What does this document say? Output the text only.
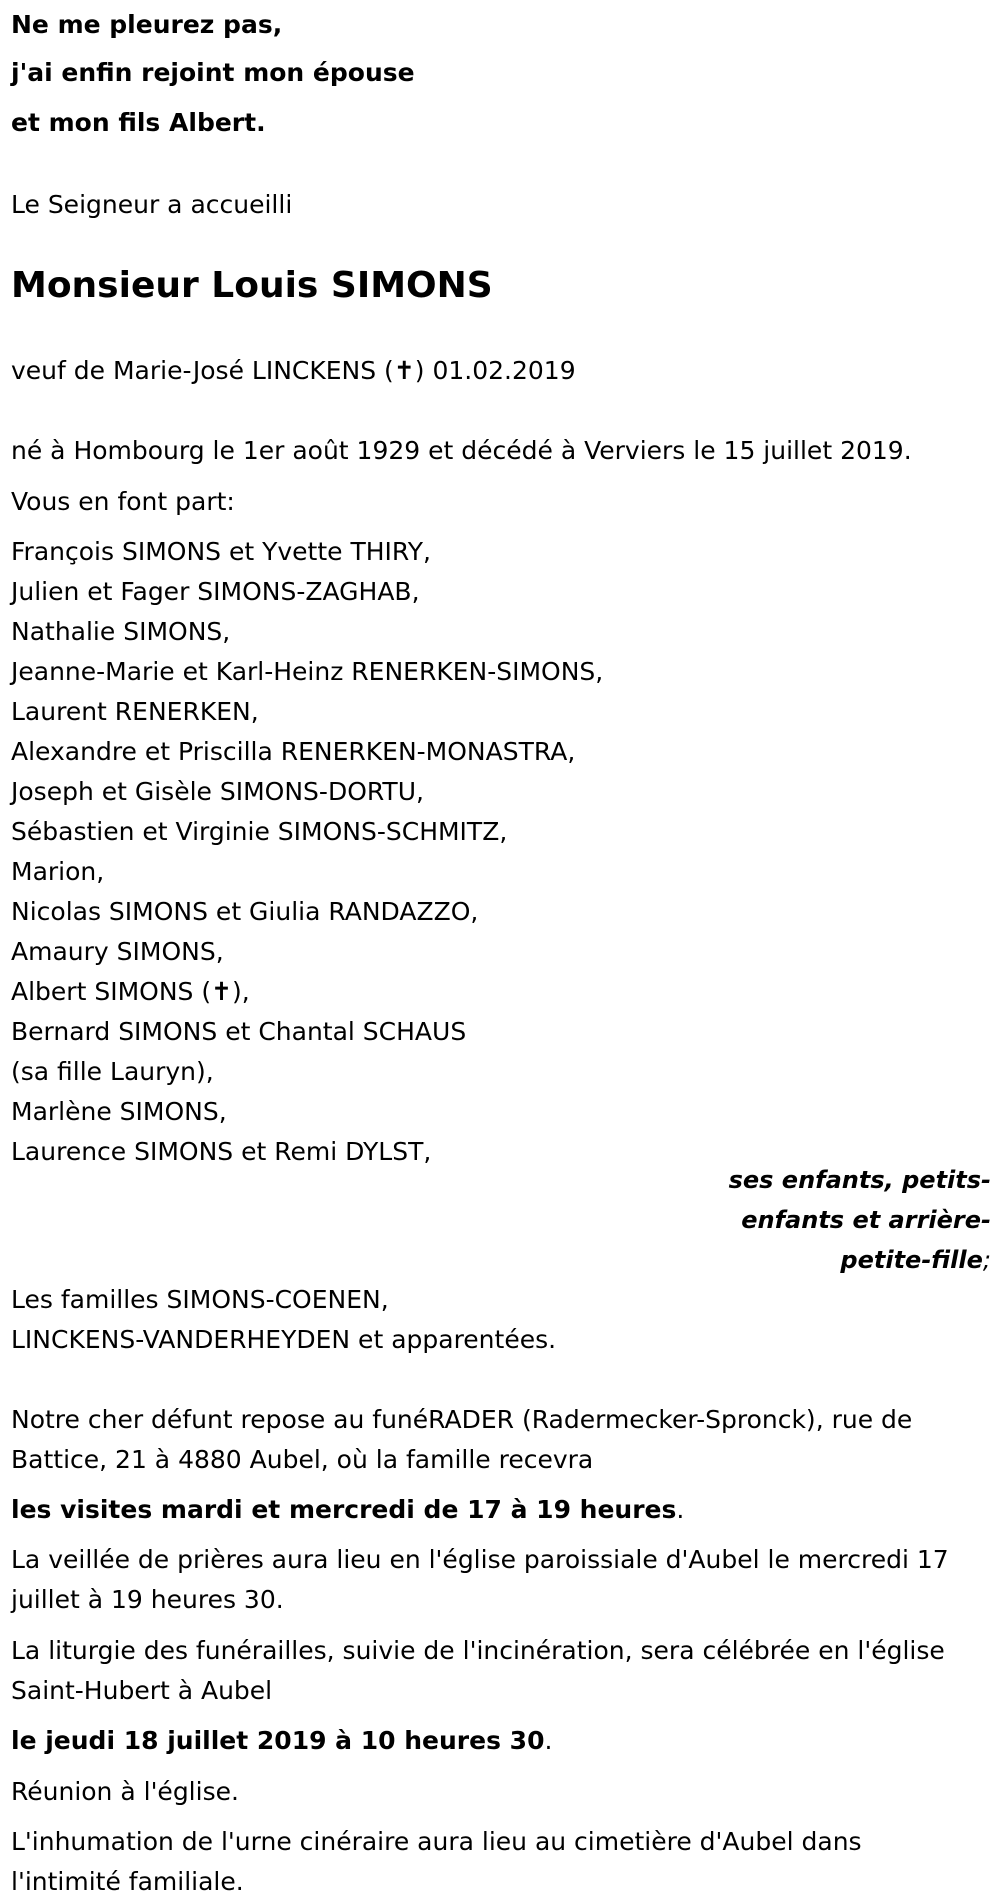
Ne me pleurez pas,
j'ai enfin rejoint mon épouse
et mon fils Albert.
Le Seigneur a accueilli
Monsieur Louis SIMONS
veuf de Marie-José LINCKENS (✝) 01.02.2019
né à Hombourg le 1er août 1929 et décédé à Verviers le 15 juillet 2019.
Vous en font part:
François SIMONS et Yvette THIRY,
Julien et Fager SIMONS-ZAGHAB,
Nathalie SIMONS,
Jeanne-Marie et Karl-Heinz RENERKEN-SIMONS,
Laurent RENERKEN,
Alexandre et Priscilla RENERKEN-MONASTRA,
Joseph et Gisèle SIMONS-DORTU,
Sébastien et Virginie SIMONS-SCHMITZ,
Marion,
Nicolas SIMONS et Giulia RANDAZZO,
Amaury SIMONS,
Albert SIMONS (✝),
Bernard SIMONS et Chantal SCHAUS
(sa fille Lauryn),
Marlène SIMONS,
Laurence SIMONS et Remi DYLST,
ses enfants, petits-
enfants et arrière-
petite-fille;
Les familles SIMONS-COENEN,
LINCKENS-VANDERHEYDEN et apparentées.
Notre cher défunt repose au funéRADER (Radermecker-Spronck), rue de
Battice, 21 à 4880 Aubel, où la famille recevra
les visites mardi et mercredi de 17 à 19 heures.
La veillée de prières aura lieu en l'église paroissiale d'Aubel le mercredi 17
juillet à 19 heures 30.
La liturgie des funérailles, suivie de l'incinération, sera célébrée en l'église
Saint-Hubert à Aubel
le jeudi 18 juillet 2019 à 10 heures 30.
Réunion à l'église.
L'inhumation de l'urne cinéraire aura lieu au cimetière d'Aubel dans
l'intimité familiale.
